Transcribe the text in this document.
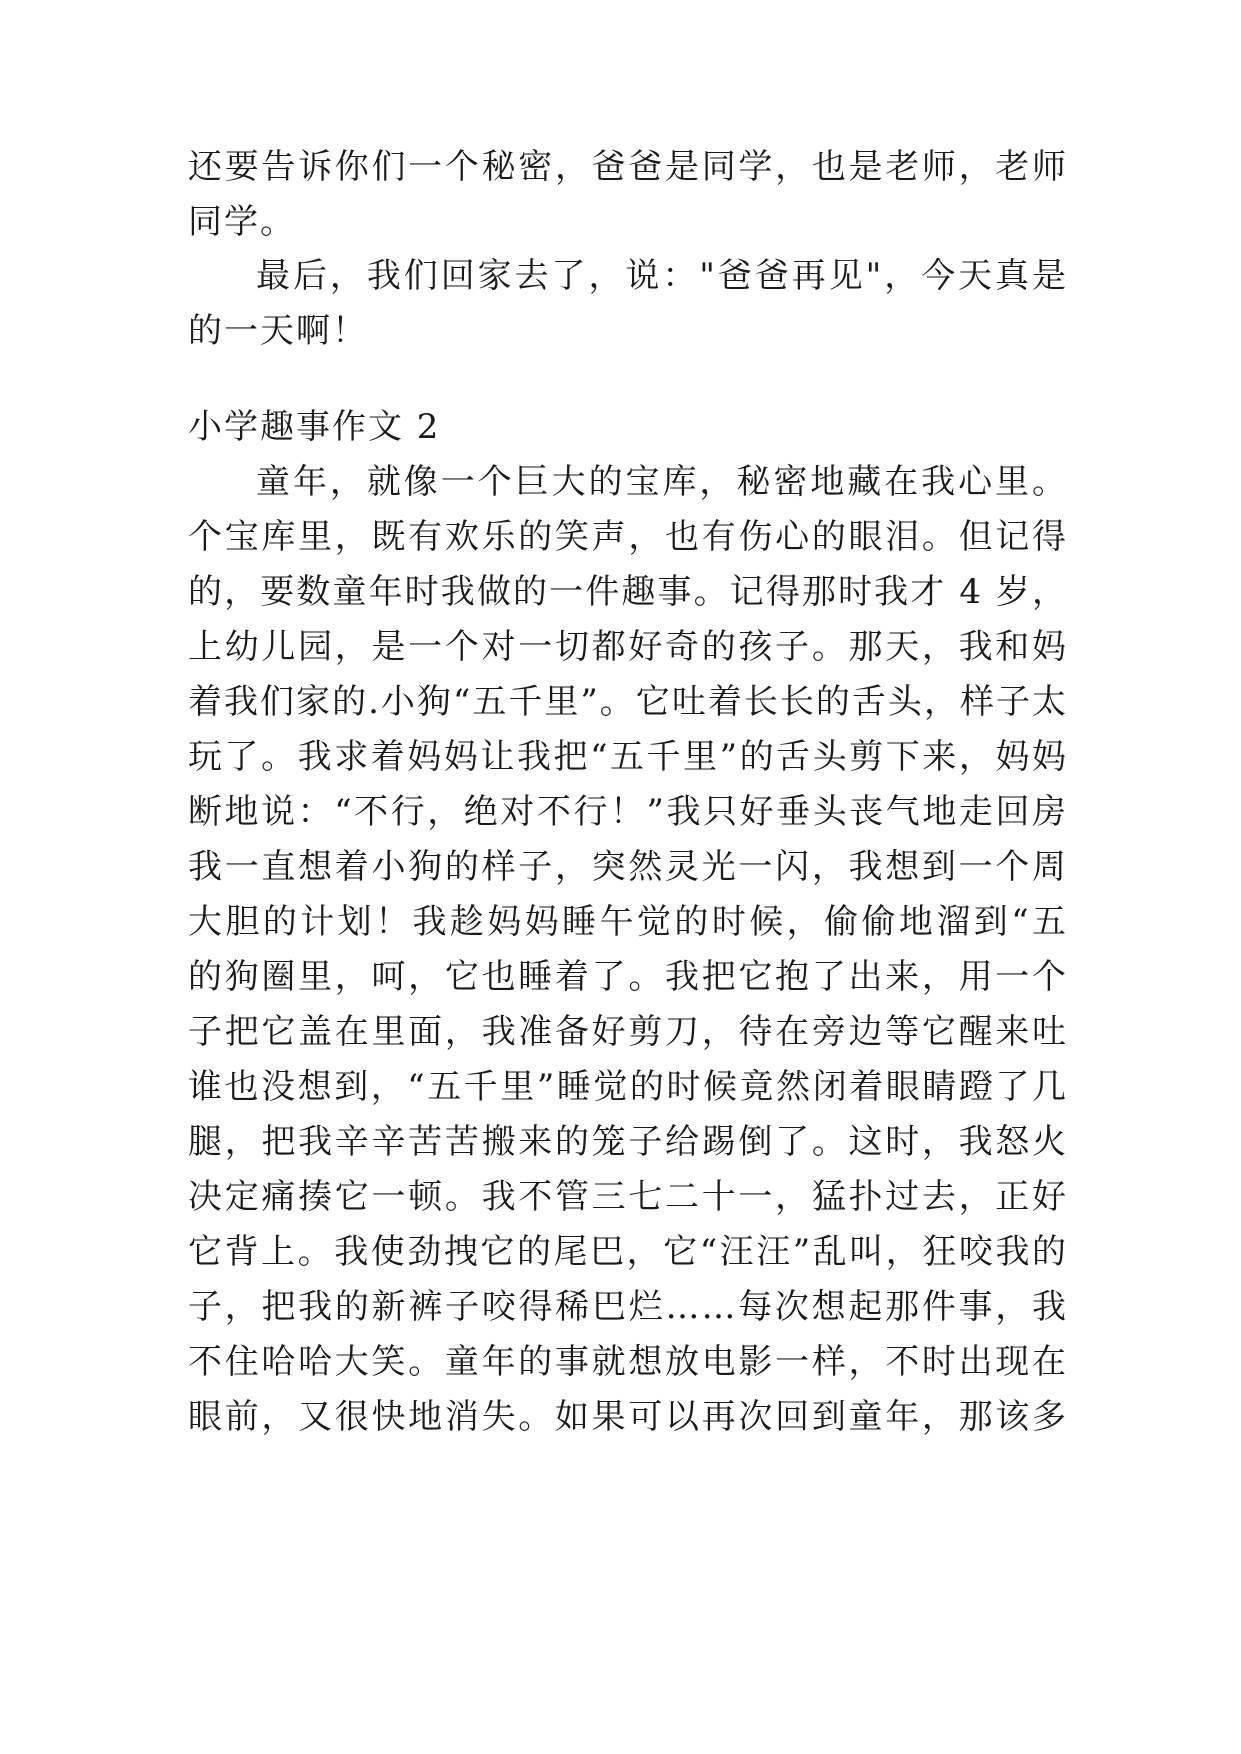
还要告诉你们一个秘密，爸爸是同学，也是老师，老师
同学。
最后，我们回家去了，说："爸爸再见"，今天真是
的一天啊！
小学趣事作文 2
童年，就像一个巨大的宝库，秘密地藏在我心里。
个宝库里，既有欢乐的笑声，也有伤心的眼泪。但记得
的，要数童年时我做的一件趣事。记得那时我才 4 岁，
上幼儿园，是一个对一切都好奇的孩子。那天，我和妈
着我们家的.小狗“五千里”。它吐着长长的舌头，样子太
玩了。我求着妈妈让我把“五千里”的舌头剪下来，妈妈
断地说：“不行，绝对不行！”我只好垂头丧气地走回房
我一直想着小狗的样子，突然灵光一闪，我想到一个周
大胆的计划！我趁妈妈睡午觉的时候，偷偷地溜到“五
的狗圈里，呵，它也睡着了。我把它抱了出来，用一个
子把它盖在里面，我准备好剪刀，待在旁边等它醒来吐
谁也没想到，“五千里”睡觉的时候竟然闭着眼睛蹬了几
腿，把我辛辛苦苦搬来的笼子给踢倒了。这时，我怒火
决定痛揍它一顿。我不管三七二十一，猛扑过去，正好
它背上。我使劲拽它的尾巴，它“汪汪”乱叫，狂咬我的
子，把我的新裤子咬得稀巴烂……每次想起那件事，我
不住哈哈大笑。童年的事就想放电影一样，不时出现在
眼前，又很快地消失。如果可以再次回到童年，那该多
